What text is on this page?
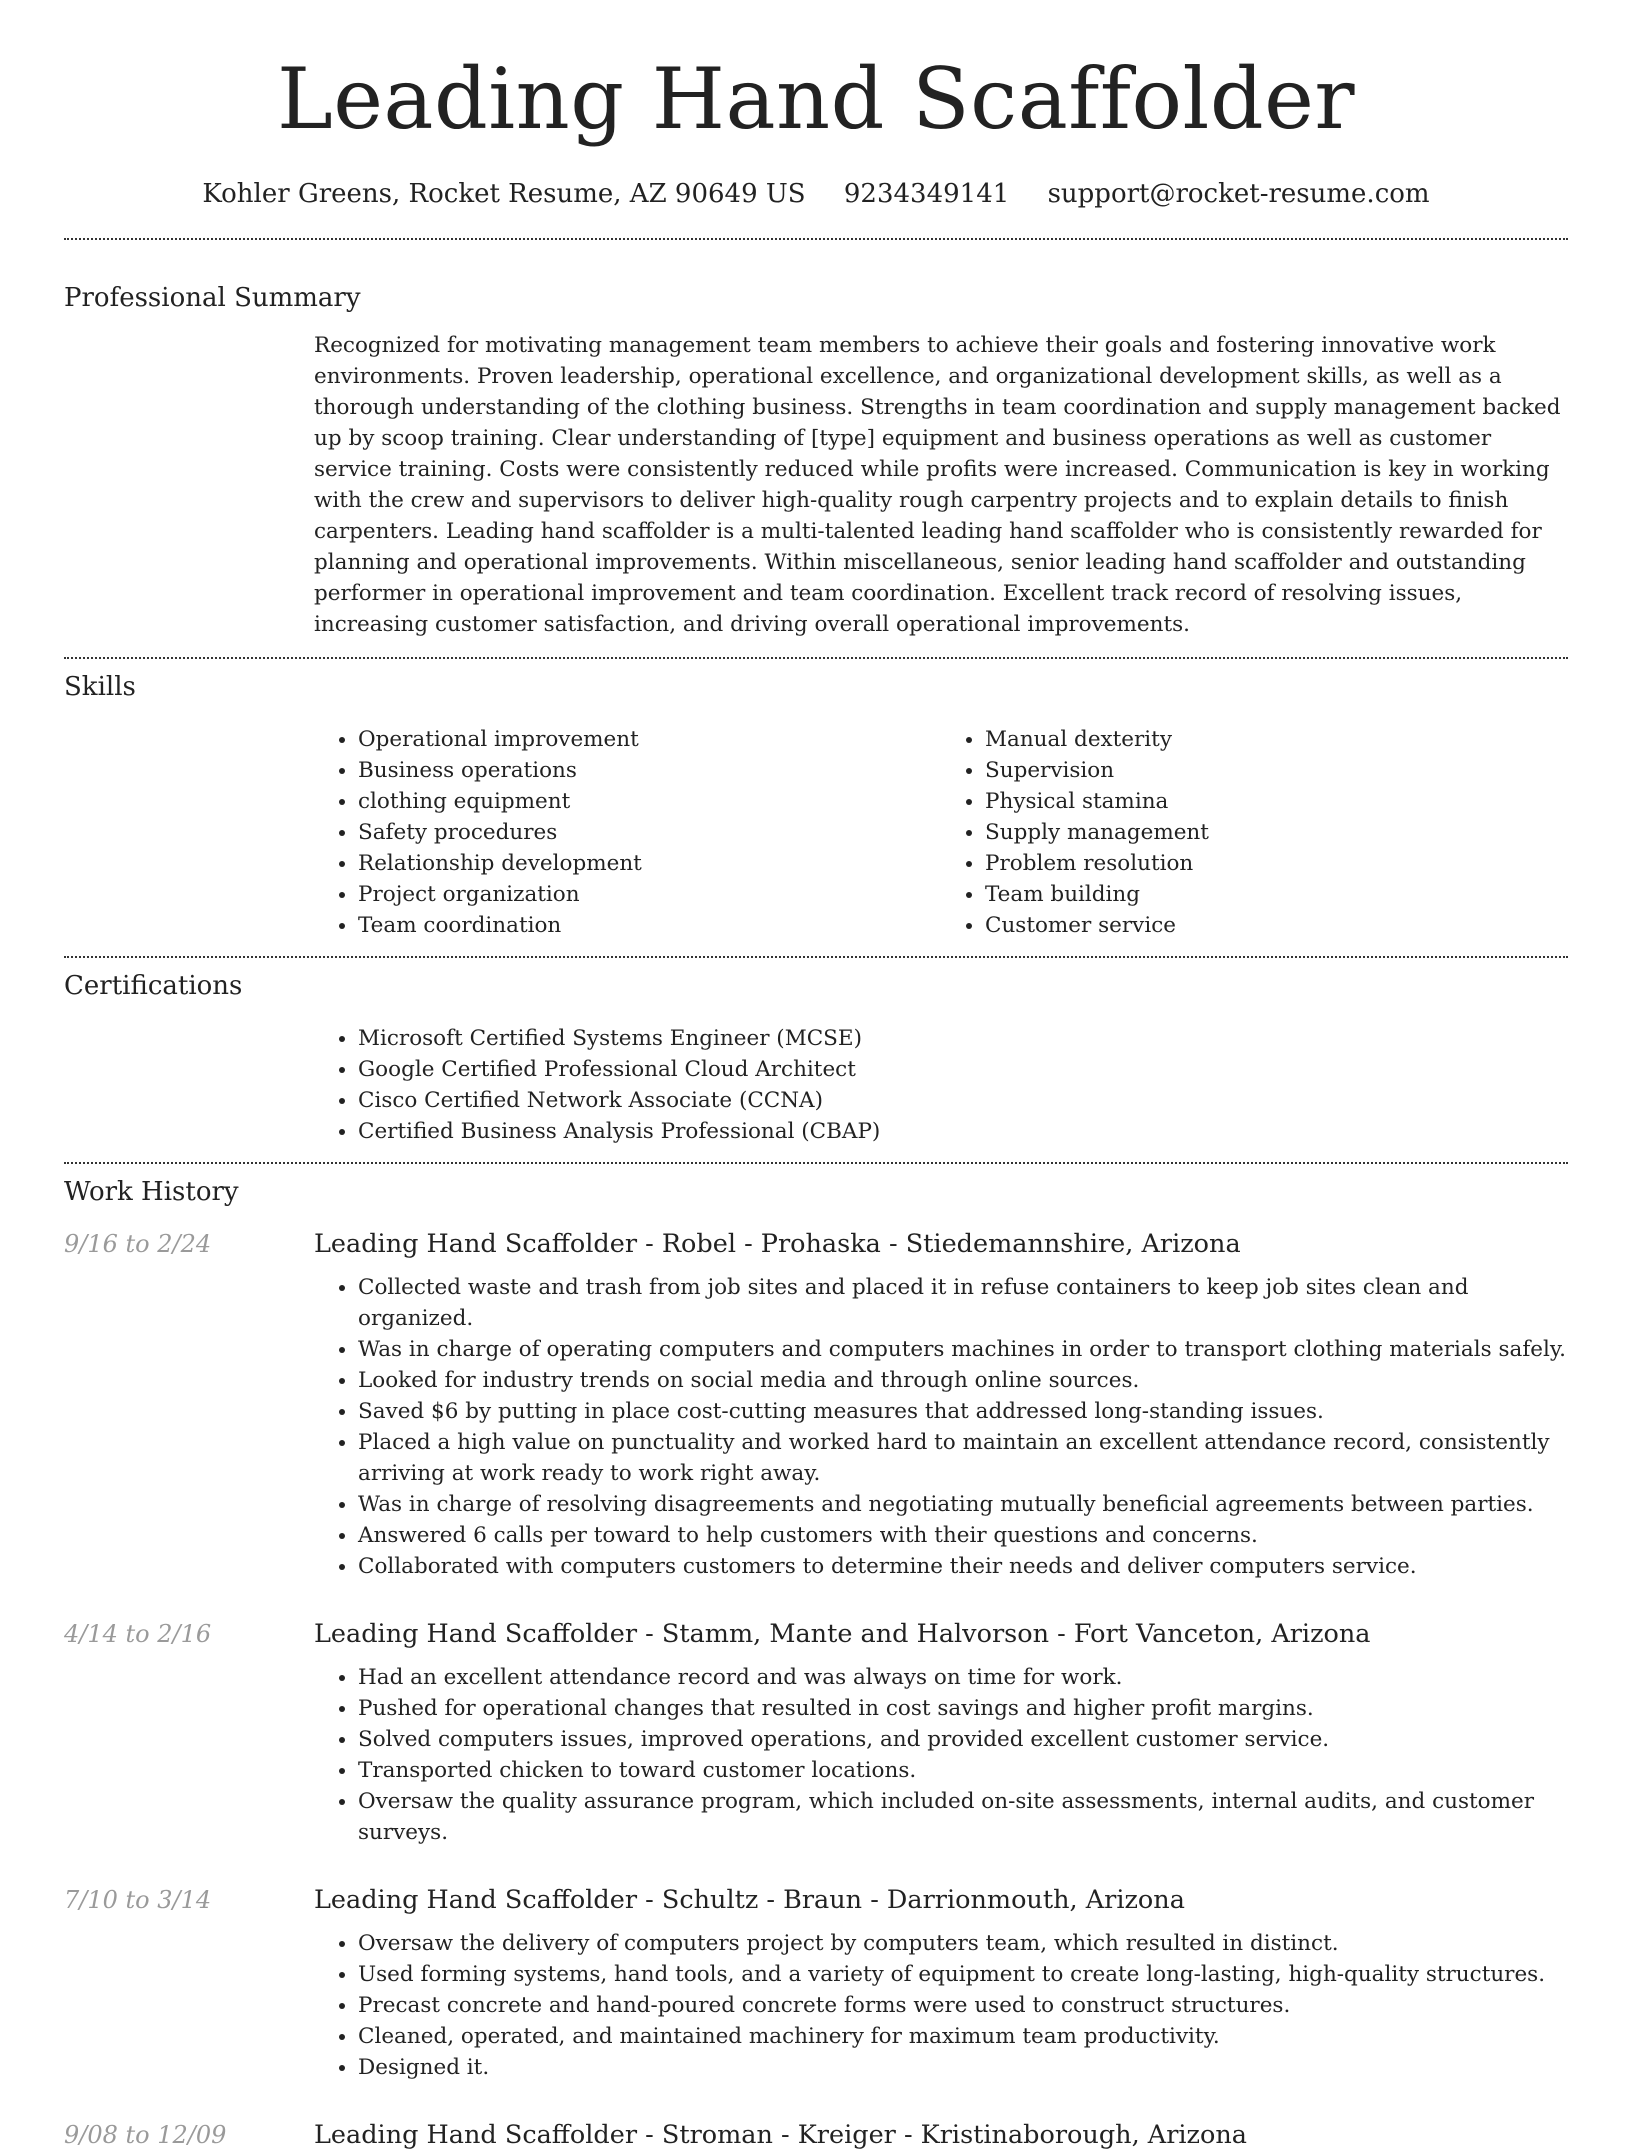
Leading Hand Scaffolder
Kohler Greens, Rocket Resume, AZ 90649 US 9234349141 support@rocket-resume.com
Professional Summary
Recognized for motivating management team members to achieve their goals and fostering innovative work environments. Proven leadership, operational excellence, and organizational development skills, as well as a thorough understanding of the clothing business. Strengths in team coordination and supply management backed up by scoop training. Clear understanding of [type] equipment and business operations as well as customer service training. Costs were consistently reduced while profits were increased. Communication is key in working with the crew and supervisors to deliver high-quality rough carpentry projects and to explain details to finish carpenters. Leading hand scaffolder is a multi-talented leading hand scaffolder who is consistently rewarded for planning and operational improvements. Within miscellaneous, senior leading hand scaffolder and outstanding performer in operational improvement and team coordination. Excellent track record of resolving issues, increasing customer satisfaction, and driving overall operational improvements.
Skills
• Operational improvement
• Business operations
• clothing equipment
• Safety procedures
• Relationship development
• Project organization
• Team coordination
• Manual dexterity
• Supervision
• Physical stamina
• Supply management
• Problem resolution
• Team building
• Customer service
Certifications
• Microsoft Certified Systems Engineer (MCSE)
• Google Certified Professional Cloud Architect
• Cisco Certified Network Associate (CCNA)
• Certified Business Analysis Professional (CBAP)
Work History
9/16 to 2/24	Leading Hand Scaffolder - Robel - Prohaska - Stiedemannshire, Arizona
• Collected waste and trash from job sites and placed it in refuse containers to keep job sites clean and organized.
• Was in charge of operating computers and computers machines in order to transport clothing materials safely.
• Looked for industry trends on social media and through online sources.
• Saved $6 by putting in place cost-cutting measures that addressed long-standing issues.
• Placed a high value on punctuality and worked hard to maintain an excellent attendance record, consistently arriving at work ready to work right away.
• Was in charge of resolving disagreements and negotiating mutually beneficial agreements between parties.
• Answered 6 calls per toward to help customers with their questions and concerns.
• Collaborated with computers customers to determine their needs and deliver computers service.
4/14 to 2/16	Leading Hand Scaffolder - Stamm, Mante and Halvorson - Fort Vanceton, Arizona
• Had an excellent attendance record and was always on time for work.
• Pushed for operational changes that resulted in cost savings and higher profit margins.
• Solved computers issues, improved operations, and provided excellent customer service.
• Transported chicken to toward customer locations.
• Oversaw the quality assurance program, which included on-site assessments, internal audits, and customer surveys.
7/10 to 3/14	Leading Hand Scaffolder - Schultz - Braun - Darrionmouth, Arizona
• Oversaw the delivery of computers project by computers team, which resulted in distinct.
• Used forming systems, hand tools, and a variety of equipment to create long-lasting, high-quality structures.
• Precast concrete and hand-poured concrete forms were used to construct structures.
• Cleaned, operated, and maintained machinery for maximum team productivity.
• Designed it.
9/08 to 12/09	Leading Hand Scaffolder - Stroman - Kreiger - Kristinaborough, Arizona
